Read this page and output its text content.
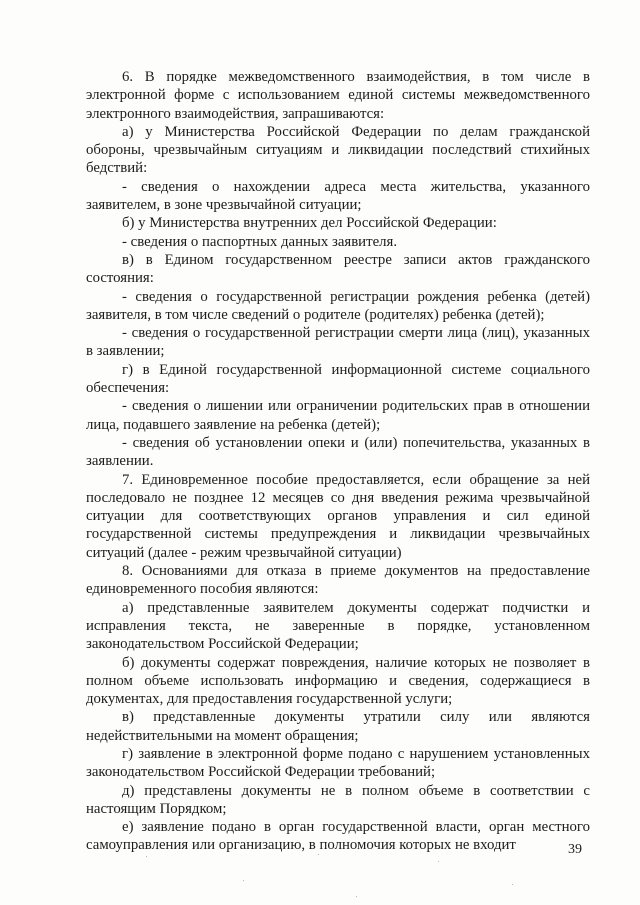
6. В порядке межведомственного взаимодействия, в том числе в электронной форме с использованием единой системы межведомственного электронного взаимодействия, запрашиваются:

а) у Министерства Российской Федерации по делам гражданской обороны, чрезвычайным ситуациям и ликвидации последствий стихийных бедствий:

- сведения о нахождении адреса места жительства, указанного заявителем, в зоне чрезвычайной ситуации;

б) у Министерства внутренних дел Российской Федерации:

- сведения о паспортных данных заявителя.

в) в Едином государственном реестре записи актов гражданского состояния:

- сведения о государственной регистрации рождения ребенка (детей) заявителя, в том числе сведений о родителе (родителях) ребенка (детей);

- сведения о государственной регистрации смерти лица (лиц), указанных в заявлении;

г) в Единой государственной информационной системе социального обеспечения:

- сведения о лишении или ограничении родительских прав в отношении лица, подавшего заявление на ребенка (детей);

- сведения об установлении опеки и (или) попечительства, указанных в заявлении.

7. Единовременное пособие предоставляется, если обращение за ней последовало не позднее 12 месяцев со дня введения режима чрезвычайной ситуации для соответствующих органов управления и сил единой государственной системы предупреждения и ликвидации чрезвычайных ситуаций (далее - режим чрезвычайной ситуации)

8. Основаниями для отказа в приеме документов на предоставление единовременного пособия являются:

а) представленные заявителем документы содержат подчистки и исправления текста, не заверенные в порядке, установленном законодательством Российской Федерации;

б) документы содержат повреждения, наличие которых не позволяет в полном объеме использовать информацию и сведения, содержащиеся в документах, для предоставления государственной услуги;

в) представленные документы утратили силу или являются недействительными на момент обращения;

г) заявление в электронной форме подано с нарушением установленных законодательством Российской Федерации требований;

д) представлены документы не в полном объеме в соответствии с настоящим Порядком;

е) заявление подано в орган государственной власти, орган местного самоуправления или организацию, в полномочия которых не входит	39
